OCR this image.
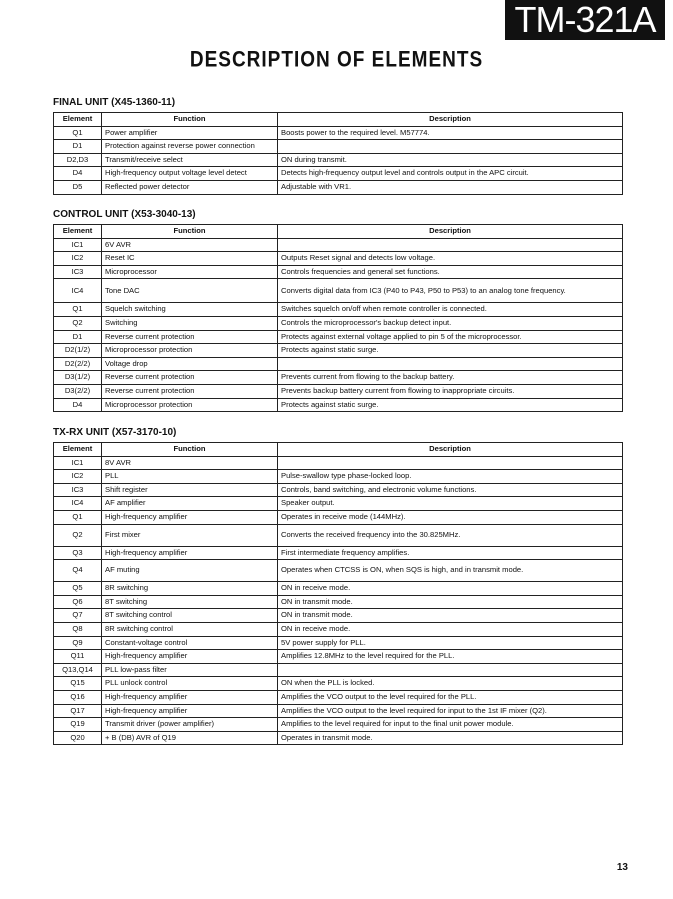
TM-321A
DESCRIPTION OF ELEMENTS
FINAL UNIT (X45-1360-11)
Element	Function	Description
Q1	Power amplifier	Boosts power to the required level. M57774.
D1	Protection against reverse power connection	
D2,D3	Transmit/receive select	ON during transmit.
D4	High-frequency output voltage level detect	Detects high-frequency output level and controls output in the APC circuit.
D5	Reflected power detector	Adjustable with VR1.
CONTROL UNIT (X53-3040-13)
Element	Function	Description
IC1	6V AVR	
IC2	Reset IC	Outputs Reset signal and detects low voltage.
IC3	Microprocessor	Controls frequencies and general set functions.
IC4	Tone DAC	Converts digital data from IC3 (P40 to P43, P50 to P53) to an analog tone frequency.
Q1	Squelch switching	Switches squelch on/off when remote controller is connected.
Q2	Switching	Controls the microprocessor's backup detect input.
D1	Reverse current protection	Protects against external voltage applied to pin 5 of the microprocessor.
D2(1/2)	Microprocessor protection	Protects against static surge.
D2(2/2)	Voltage drop	
D3(1/2)	Reverse current protection	Prevents current from flowing to the backup battery.
D3(2/2)	Reverse current protection	Prevents backup battery current from flowing to inappropriate circuits.
D4	Microprocessor protection	Protects against static surge.
TX-RX UNIT (X57-3170-10)
Element	Function	Description
IC1	8V AVR	
IC2	PLL	Pulse-swallow type phase-locked loop.
IC3	Shift register	Controls, band switching, and electronic volume functions.
IC4	AF amplifier	Speaker output.
Q1	High-frequency amplifier	Operates in receive mode (144MHz).
Q2	First mixer	Converts the received frequency into the 30.825MHz.
Q3	High-frequency amplifier	First intermediate frequency amplifies.
Q4	AF muting	Operates when CTCSS is ON, when SQS is high, and in transmit mode.
Q5	8R switching	ON in receive mode.
Q6	8T switching	ON in transmit mode.
Q7	8T switching control	ON in transmit mode.
Q8	8R switching control	ON in receive mode.
Q9	Constant-voltage control	5V power supply for PLL.
Q11	High-frequency amplifier	Amplifies 12.8MHz to the level required for the PLL.
Q13,Q14	PLL low-pass filter	
Q15	PLL unlock control	ON when the PLL is locked.
Q16	High-frequency amplifier	Amplifies the VCO output to the level required for the PLL.
Q17	High-frequency amplifier	Amplifies the VCO output to the level required for input to the 1st IF mixer (Q2).
Q19	Transmit driver (power amplifier)	Amplifies to the level required for input to the final unit power module.
Q20	+ B (DB) AVR of Q19	Operates in transmit mode.
13
